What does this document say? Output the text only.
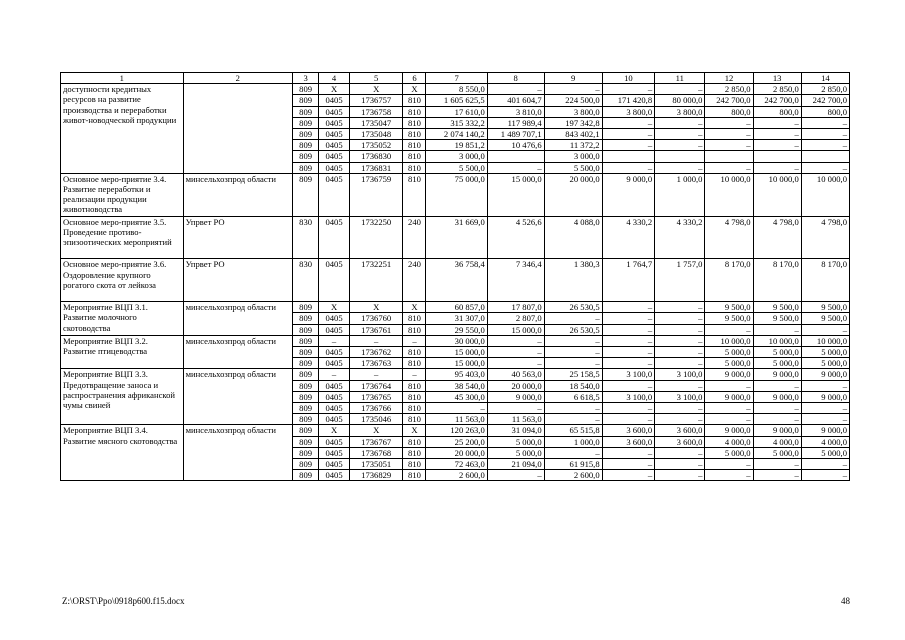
1	2	3	4	5	6	7	8	9	10	11	12	13	14
доступности кредитных ресурсов на развитие производства и переработки живот-новодческой продукции		809	Х	Х	Х	8 550,0	–	–	–	–	2 850,0	2 850,0	2 850,0
		809	0405	1736757	810	1 605 625,5	401 604,7	224 500,0	171 420,8	80 000,0	242 700,0	242 700,0	242 700,0
		809	0405	1736758	810	17 610,0	3 810,0	3 800,0	3 800,0	3 800,0	800,0	800,0	800,0
		809	0405	1735047	810	315 332,2	117 989,4	197 342,8	–	–	–	–	–
		809	0405	1735048	810	2 074 140,2	1 489 707,1	843 402,1	–	–	–	–	–
		809	0405	1735052	810	19 851,2	10 476,6	11 372,2	–	–	–	–	–
		809	0405	1736830	810	3 000,0		3 000,0					
		809	0405	1736831	810	5 500,0	–	5 500,0	–	–	–	–	–
Основное меро-приятие 3.4. Развитие переработки и реализации продукции животноводства	минсельхозпрод области	809	0405	1736759	810	75 000,0	15 000,0	20 000,0	9 000,0	1 000,0	10 000,0	10 000,0	10 000,0
Основное меро-приятие 3.5. Проведение противо-эпизоотических мероприятий	Упрвет РО	830	0405	1732250	240	31 669,0	4 526,6	4 088,0	4 330,2	4 330,2	4 798,0	4 798,0	4 798,0
Основное меро-приятие 3.6. Оздоровление крупного рогатого скота от лейкоза	Упрвет РО	830	0405	1732251	240	36 758,4	7 346,4	1 380,3	1 764,7	1 757,0	8 170,0	8 170,0	8 170,0
Мероприятие ВЦП 3.1. Развитие молочного скотоводства	минсельхозпрод области	809	Х	Х	Х	60 857,0	17 807,0	26 530,5	–	–	9 500,0	9 500,0	9 500,0
		809	0405	1736760	810	31 307,0	2 807,0	–	–	–	9 500,0	9 500,0	9 500,0
		809	0405	1736761	810	29 550,0	15 000,0	26 530,5	–	–	–	–	–
Мероприятие ВЦП 3.2. Развитие птицеводства	минсельхозпрод области	809	–	–	–	30 000,0	–	–	–	–	10 000,0	10 000,0	10 000,0
		809	0405	1736762	810	15 000,0	–	–	–	–	5 000,0	5 000,0	5 000,0
		809	0405	1736763	810	15 000,0	–	–	–	–	5 000,0	5 000,0	5 000,0
Мероприятие ВЦП 3.3. Предотвращение заноса и распространения африканской чумы свиней	минсельхозпрод области	809	–	–	–	95 403,0	40 563,0	25 158,5	3 100,0	3 100,0	9 000,0	9 000,0	9 000,0
		809	0405	1736764	810	38 540,0	20 000,0	18 540,0	–	–	–	–	–
		809	0405	1736765	810	45 300,0	9 000,0	6 618,5	3 100,0	3 100,0	9 000,0	9 000,0	9 000,0
		809	0405	1736766	810	–	–	–	–	–	–	–	–
		809	0405	1735046	810	11 563,0	11 563,0	–	–	–	–	–	–
Мероприятие ВЦП 3.4. Развитие мясного скотоводства	минсельхозпрод области	809	Х	Х	Х	120 263,0	31 094,0	65 515,8	3 600,0	3 600,0	9 000,0	9 000,0	9 000,0
		809	0405	1736767	810	25 200,0	5 000,0	1 000,0	3 600,0	3 600,0	4 000,0	4 000,0	4 000,0
		809	0405	1736768	810	20 000,0	5 000,0	–	–	–	5 000,0	5 000,0	5 000,0
		809	0405	1735051	810	72 463,0	21 094,0	61 915,8	–	–	–	–	–
		809	0405	1736829	810	2 600,0	–	2 600,0	–	–	–	–	–
Z:\ORST\Ppo\0918p600.f15.docx	48
